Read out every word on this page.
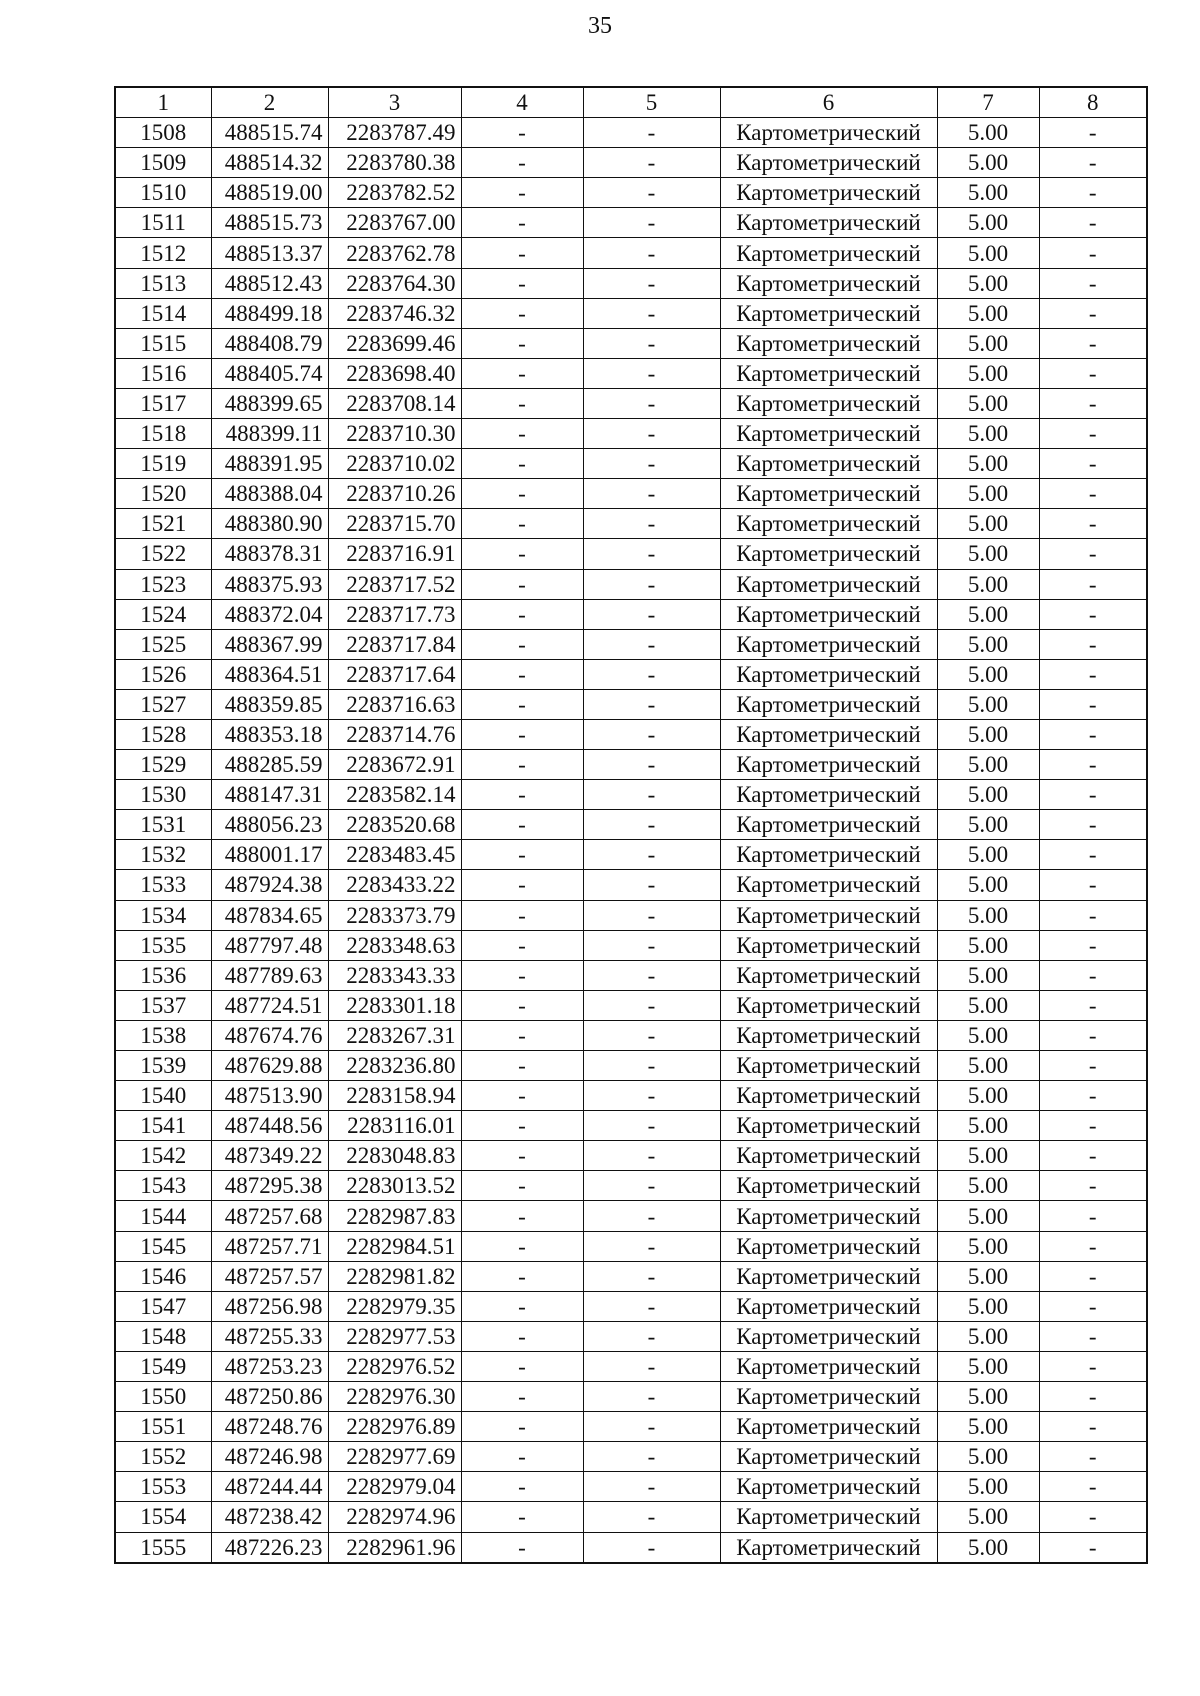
35
1	2	3	4	5	6	7	8
1508	488515.74	2283787.49	-	-	Картометрический	5.00	-
1509	488514.32	2283780.38	-	-	Картометрический	5.00	-
1510	488519.00	2283782.52	-	-	Картометрический	5.00	-
1511	488515.73	2283767.00	-	-	Картометрический	5.00	-
1512	488513.37	2283762.78	-	-	Картометрический	5.00	-
1513	488512.43	2283764.30	-	-	Картометрический	5.00	-
1514	488499.18	2283746.32	-	-	Картометрический	5.00	-
1515	488408.79	2283699.46	-	-	Картометрический	5.00	-
1516	488405.74	2283698.40	-	-	Картометрический	5.00	-
1517	488399.65	2283708.14	-	-	Картометрический	5.00	-
1518	488399.11	2283710.30	-	-	Картометрический	5.00	-
1519	488391.95	2283710.02	-	-	Картометрический	5.00	-
1520	488388.04	2283710.26	-	-	Картометрический	5.00	-
1521	488380.90	2283715.70	-	-	Картометрический	5.00	-
1522	488378.31	2283716.91	-	-	Картометрический	5.00	-
1523	488375.93	2283717.52	-	-	Картометрический	5.00	-
1524	488372.04	2283717.73	-	-	Картометрический	5.00	-
1525	488367.99	2283717.84	-	-	Картометрический	5.00	-
1526	488364.51	2283717.64	-	-	Картометрический	5.00	-
1527	488359.85	2283716.63	-	-	Картометрический	5.00	-
1528	488353.18	2283714.76	-	-	Картометрический	5.00	-
1529	488285.59	2283672.91	-	-	Картометрический	5.00	-
1530	488147.31	2283582.14	-	-	Картометрический	5.00	-
1531	488056.23	2283520.68	-	-	Картометрический	5.00	-
1532	488001.17	2283483.45	-	-	Картометрический	5.00	-
1533	487924.38	2283433.22	-	-	Картометрический	5.00	-
1534	487834.65	2283373.79	-	-	Картометрический	5.00	-
1535	487797.48	2283348.63	-	-	Картометрический	5.00	-
1536	487789.63	2283343.33	-	-	Картометрический	5.00	-
1537	487724.51	2283301.18	-	-	Картометрический	5.00	-
1538	487674.76	2283267.31	-	-	Картометрический	5.00	-
1539	487629.88	2283236.80	-	-	Картометрический	5.00	-
1540	487513.90	2283158.94	-	-	Картометрический	5.00	-
1541	487448.56	2283116.01	-	-	Картометрический	5.00	-
1542	487349.22	2283048.83	-	-	Картометрический	5.00	-
1543	487295.38	2283013.52	-	-	Картометрический	5.00	-
1544	487257.68	2282987.83	-	-	Картометрический	5.00	-
1545	487257.71	2282984.51	-	-	Картометрический	5.00	-
1546	487257.57	2282981.82	-	-	Картометрический	5.00	-
1547	487256.98	2282979.35	-	-	Картометрический	5.00	-
1548	487255.33	2282977.53	-	-	Картометрический	5.00	-
1549	487253.23	2282976.52	-	-	Картометрический	5.00	-
1550	487250.86	2282976.30	-	-	Картометрический	5.00	-
1551	487248.76	2282976.89	-	-	Картометрический	5.00	-
1552	487246.98	2282977.69	-	-	Картометрический	5.00	-
1553	487244.44	2282979.04	-	-	Картометрический	5.00	-
1554	487238.42	2282974.96	-	-	Картометрический	5.00	-
1555	487226.23	2282961.96	-	-	Картометрический	5.00	-
